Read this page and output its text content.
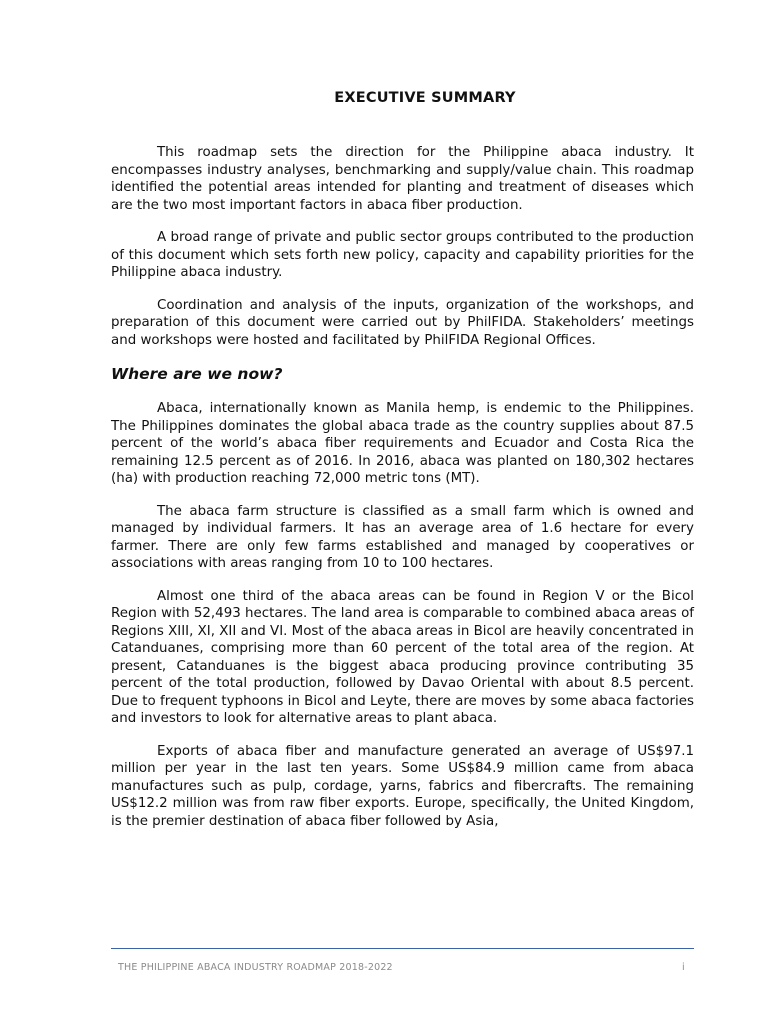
EXECUTIVE SUMMARY

This roadmap sets the direction for the Philippine abaca industry. It encompasses industry analyses, benchmarking and supply/value chain. This roadmap identified the potential areas intended for planting and treatment of diseases which are the two most important factors in abaca fiber production.

A broad range of private and public sector groups contributed to the production of this document which sets forth new policy, capacity and capability priorities for the Philippine abaca industry.

Coordination and analysis of the inputs, organization of the workshops, and preparation of this document were carried out by PhilFIDA. Stakeholders’ meetings and workshops were hosted and facilitated by PhilFIDA Regional Offices.

Where are we now?

Abaca, internationally known as Manila hemp, is endemic to the Philippines. The Philippines dominates the global abaca trade as the country supplies about 87.5 percent of the world’s abaca fiber requirements and Ecuador and Costa Rica the remaining 12.5 percent as of 2016. In 2016, abaca was planted on 180,302 hectares (ha) with production reaching 72,000 metric tons (MT).

The abaca farm structure is classified as a small farm which is owned and managed by individual farmers. It has an average area of 1.6 hectare for every farmer. There are only few farms established and managed by cooperatives or associations with areas ranging from 10 to 100 hectares.

Almost one third of the abaca areas can be found in Region V or the Bicol Region with 52,493 hectares. The land area is comparable to combined abaca areas of Regions XIII, XI, XII and VI. Most of the abaca areas in Bicol are heavily concentrated in Catanduanes, comprising more than 60 percent of the total area of the region. At present, Catanduanes is the biggest abaca producing province contributing 35 percent of the total production, followed by Davao Oriental with about 8.5 percent. Due to frequent typhoons in Bicol and Leyte, there are moves by some abaca factories and investors to look for alternative areas to plant abaca.

Exports of abaca fiber and manufacture generated an average of US$97.1 million per year in the last ten years. Some US$84.9 million came from abaca manufactures such as pulp, cordage, yarns, fabrics and fibercrafts. The remaining US$12.2 million was from raw fiber exports. Europe, specifically, the United Kingdom, is the premier destination of abaca fiber followed by Asia,

THE PHILIPPINE ABACA INDUSTRY ROADMAP 2018-2022	i
